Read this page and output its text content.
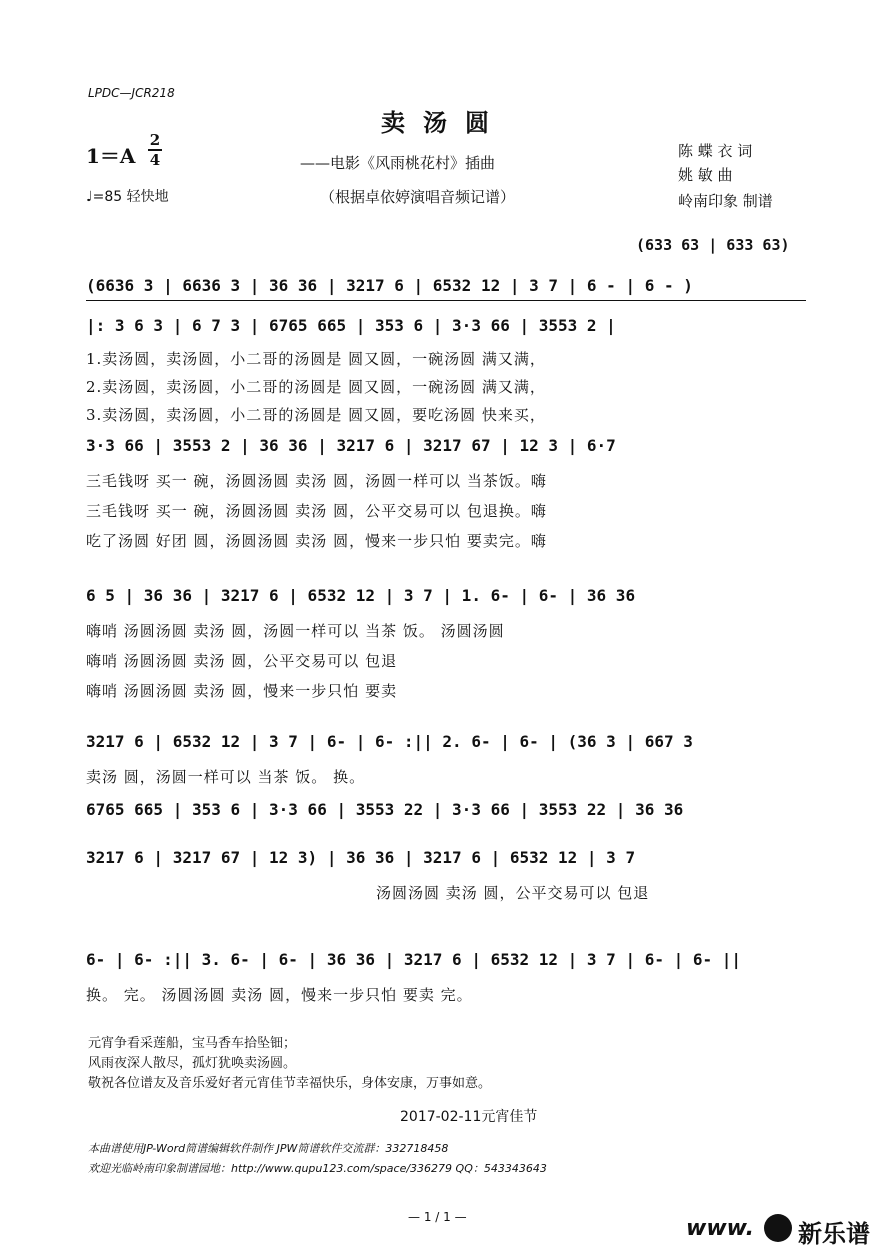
LPDC—JCR218
卖汤圆
——电影《风雨桃花村》插曲
（根据卓依婷演唱音频记谱）
1＝A
2
4
♩=85 轻快地
陈 蝶 衣 词
姚 敏 曲
岭南印象 制谱
(633 63 | 633 63)
(6636 3 | 6636 3 | 36 36 | 3217 6 | 6532 12 | 3 7 | 6 - | 6 - )
|: 3 6 3 | 6 7 3 | 6765 665 | 353 6 | 3·3 66 | 3553 2 |
1.卖汤圆，卖汤圆，小二哥的汤圆是 圆又圆，一碗汤圆 满又满，
2.卖汤圆，卖汤圆，小二哥的汤圆是 圆又圆，一碗汤圆 满又满，
3.卖汤圆，卖汤圆，小二哥的汤圆是 圆又圆，要吃汤圆 快来买，
3·3 66 | 3553 2 | 36 36 | 3217 6 | 3217 67 | 12 3 | 6·7
三毛钱呀 买一 碗，汤圆汤圆 卖汤 圆，汤圆一样可以 当茶饭。嗨
三毛钱呀 买一 碗，汤圆汤圆 卖汤 圆，公平交易可以 包退换。嗨
吃了汤圆 好团 圆，汤圆汤圆 卖汤 圆，慢来一步只怕 要卖完。嗨
6 5 | 36 36 | 3217 6 | 6532 12 | 3 7 | 1. 6- | 6- | 36 36
嗨哨 汤圆汤圆 卖汤 圆，汤圆一样可以 当茶 饭。 汤圆汤圆
嗨哨 汤圆汤圆 卖汤 圆，公平交易可以 包退
嗨哨 汤圆汤圆 卖汤 圆，慢来一步只怕 要卖
3217 6 | 6532 12 | 3 7 | 6- | 6- :|| 2. 6- | 6- | (36 3 | 667 3
卖汤 圆，汤圆一样可以 当茶 饭。 换。
6765 665 | 353 6 | 3·3 66 | 3553 22 | 3·3 66 | 3553 22 | 36 36
3217 6 | 3217 67 | 12 3) | 36 36 | 3217 6 | 6532 12 | 3 7
汤圆汤圆 卖汤 圆，公平交易可以 包退
6- | 6- :|| 3. 6- | 6- | 36 36 | 3217 6 | 6532 12 | 3 7 | 6- | 6- ||
换。 完。 汤圆汤圆 卖汤 圆，慢来一步只怕 要卖 完。
元宵争看采莲船，宝马香车拾坠钿；
风雨夜深人散尽，孤灯犹唤卖汤圆。
敬祝各位谱友及音乐爱好者元宵佳节幸福快乐，身体安康，万事如意。
2017-02-11元宵佳节
本曲谱使用JP-Word简谱编辑软件制作 JPW简谱软件交流群：332718458
欢迎光临岭南印象制谱园地：http://www.qupu123.com/space/336279 QQ：543343643
— 1 / 1 —	www. 新乐谱
